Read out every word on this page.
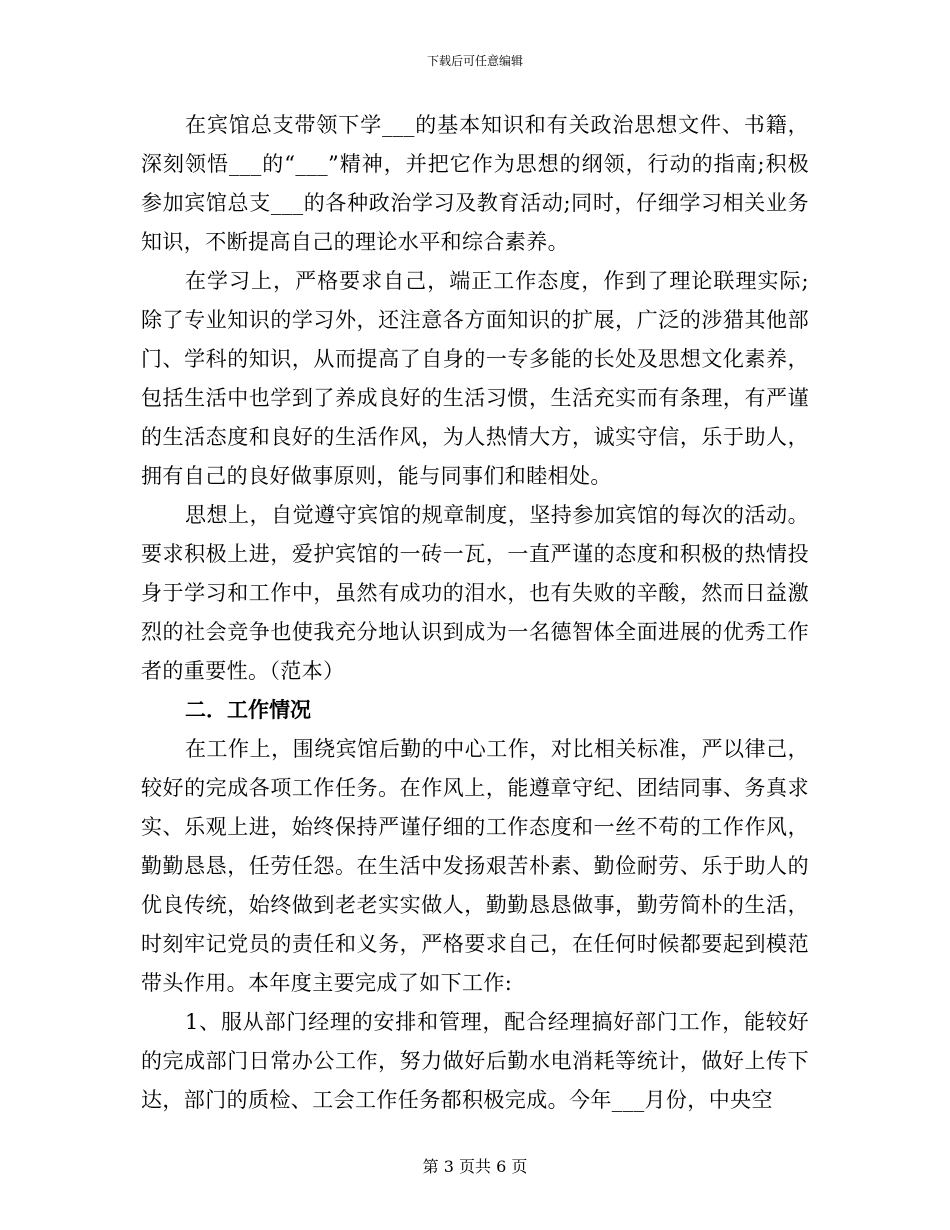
下载后可任意编辑

在宾馆总支带领下学___的基本知识和有关政治思想文件、书籍，深刻领悟___的“___”精神，并把它作为思想的纲领，行动的指南;积极参加宾馆总支___的各种政治学习及教育活动;同时，仔细学习相关业务知识，不断提高自己的理论水平和综合素养。

在学习上，严格要求自己，端正工作态度，作到了理论联理实际;除了专业知识的学习外，还注意各方面知识的扩展，广泛的涉猎其他部门、学科的知识，从而提高了自身的一专多能的长处及思想文化素养，包括生活中也学到了养成良好的生活习惯，生活充实而有条理，有严谨的生活态度和良好的生活作风，为人热情大方，诚实守信，乐于助人，拥有自己的良好做事原则，能与同事们和睦相处。

思想上，自觉遵守宾馆的规章制度，坚持参加宾馆的每次的活动。要求积极上进，爱护宾馆的一砖一瓦，一直严谨的态度和积极的热情投身于学习和工作中，虽然有成功的泪水，也有失败的辛酸，然而日益激烈的社会竞争也使我充分地认识到成为一名德智体全面进展的优秀工作者的重要性。（范本）

二．工作情况

在工作上，围绕宾馆后勤的中心工作，对比相关标准，严以律己，较好的完成各项工作任务。在作风上，能遵章守纪、团结同事、务真求实、乐观上进，始终保持严谨仔细的工作态度和一丝不苟的工作作风，勤勤恳恳，任劳任怨。在生活中发扬艰苦朴素、勤俭耐劳、乐于助人的优良传统，始终做到老老实实做人，勤勤恳恳做事，勤劳简朴的生活，时刻牢记党员的责任和义务，严格要求自己，在任何时候都要起到模范带头作用。本年度主要完成了如下工作:

1、服从部门经理的安排和管理，配合经理搞好部门工作，能较好的完成部门日常办公工作，努力做好后勤水电消耗等统计，做好上传下达，部门的质检、工会工作任务都积极完成。今年___月份，中央空

第 3 页共 6 页
